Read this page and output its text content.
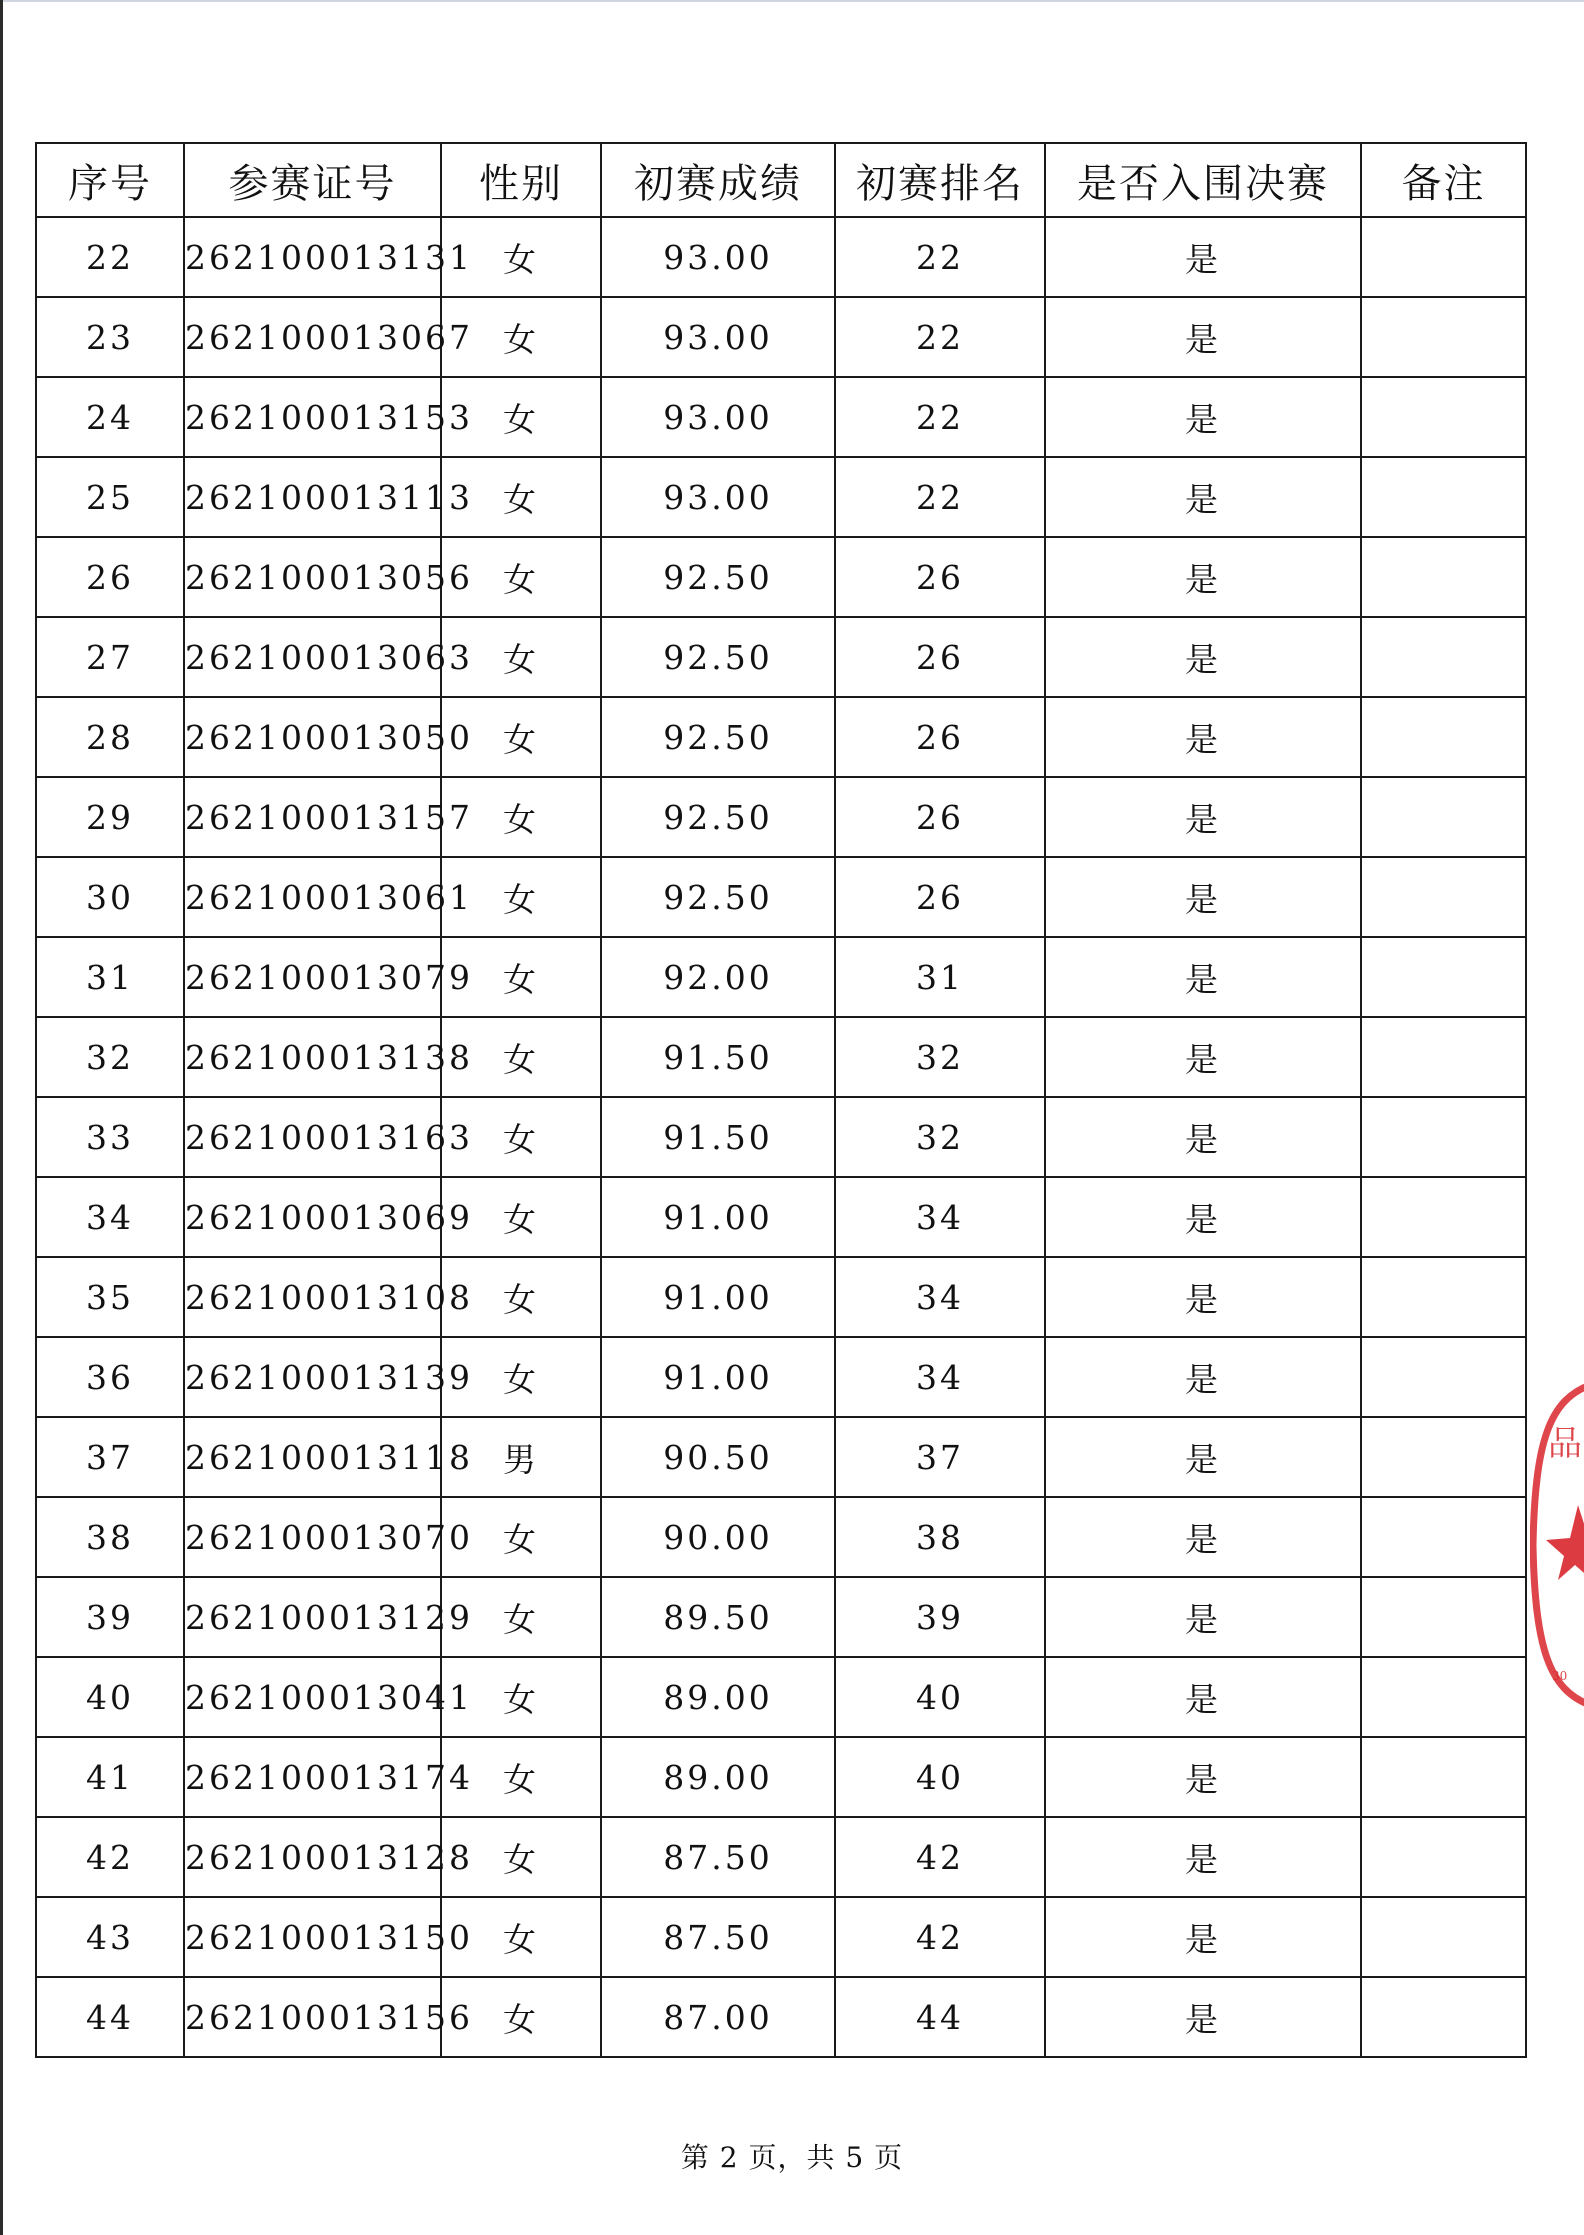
序号	参赛证号	性别	初赛成绩	初赛排名	是否入围决赛	备注
22	262100013131	女	93.00	22	是	
23	262100013067	女	93.00	22	是	
24	262100013153	女	93.00	22	是	
25	262100013113	女	93.00	22	是	
26	262100013056	女	92.50	26	是	
27	262100013063	女	92.50	26	是	
28	262100013050	女	92.50	26	是	
29	262100013157	女	92.50	26	是	
30	262100013061	女	92.50	26	是	
31	262100013079	女	92.00	31	是	
32	262100013138	女	91.50	32	是	
33	262100013163	女	91.50	32	是	
34	262100013069	女	91.00	34	是	
35	262100013108	女	91.00	34	是	
36	262100013139	女	91.00	34	是	
37	262100013118	男	90.50	37	是	
38	262100013070	女	90.00	38	是	
39	262100013129	女	89.50	39	是	
40	262100013041	女	89.00	40	是	
41	262100013174	女	89.00	40	是	
42	262100013128	女	87.50	42	是	
43	262100013150	女	87.50	42	是	
44	262100013156	女	87.00	44	是	
品
30
第 2 页，共 5 页
